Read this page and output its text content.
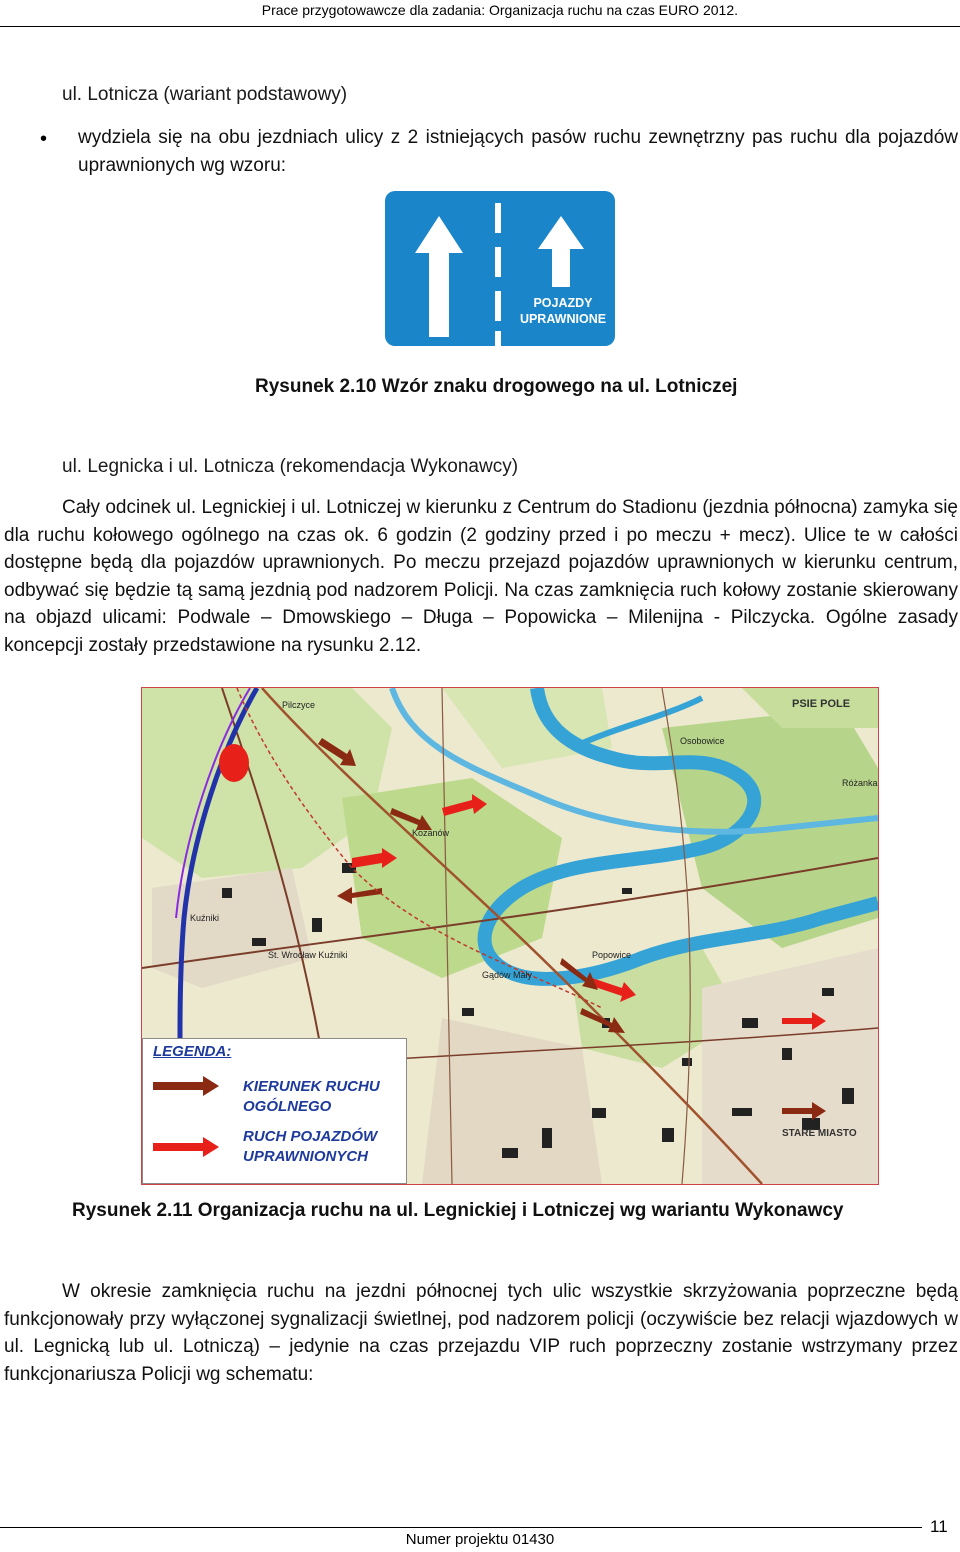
Prace przygotowawcze dla zadania: Organizacja ruchu na czas EURO 2012.
ul. Lotnicza (wariant podstawowy)
• wydziela się na obu jezdniach ulicy z 2 istniejących pasów ruchu zewnętrzny pas ruchu dla pojazdów uprawnionych wg wzoru:
POJAZDY
UPRAWNIONE
Rysunek 2.10 Wzór znaku drogowego na ul. Lotniczej
ul. Legnicka i ul. Lotnicza (rekomendacja Wykonawcy)
Cały odcinek ul. Legnickiej i ul. Lotniczej w kierunku z Centrum do Stadionu (jezdnia północna) zamyka się dla ruchu kołowego ogólnego na czas ok. 6 godzin (2 godziny przed i po meczu + mecz). Ulice te w całości dostępne będą dla pojazdów uprawnionych. Po meczu przejazd pojazdów uprawnionych w kierunku centrum, odbywać się będzie tą samą jezdnią pod nadzorem Policji. Na czas zamknięcia ruch kołowy zostanie skierowany na objazd ulicami: Podwale – Dmowskiego – Długa – Popowicka – Milenijna - Pilczycka. Ogólne zasady koncepcji zostały przedstawione na rysunku 2.12.
PSIE POLE
Kozanów
Popowice
Kuźniki
Pilczyce
Osobowice
Różanka
Gądów Mały
St. Wrocław Kuźniki
STARE MIASTO
LEGENDA:
KIERUNEK RUCHU
OGÓLNEGO
RUCH POJAZDÓW
UPRAWNIONYCH
Rysunek 2.11 Organizacja ruchu na ul. Legnickiej i Lotniczej wg wariantu Wykonawcy
W okresie zamknięcia ruchu na jezdni północnej tych ulic wszystkie skrzyżowania poprzeczne będą funkcjonowały przy wyłączonej sygnalizacji świetlnej, pod nadzorem policji (oczywiście bez relacji wjazdowych w ul. Legnicką lub ul. Lotniczą) – jedynie na czas przejazdu VIP ruch poprzeczny zostanie wstrzymany przez funkcjonariusza Policji wg schematu:
11
Numer projektu 01430
